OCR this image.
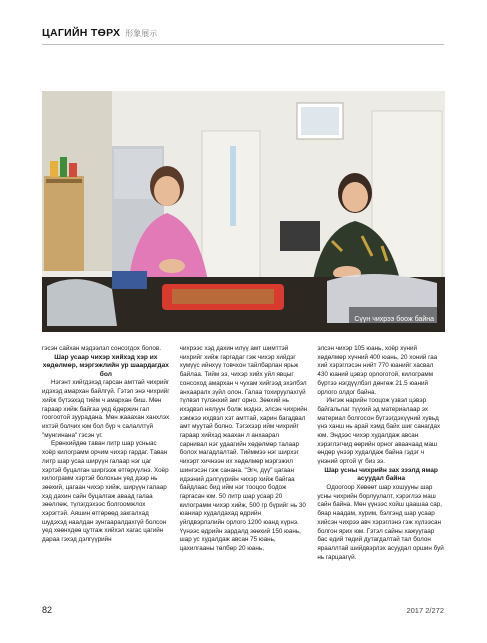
ЦАГИЙН ТӨРХ 形象展示
Сүүн чихрээ боож байна

гэсэн сайхан мэдээлэл сонсогдох болов.

Шар усаар чихэр хийхэд хэр их хөдөлмөр, мэргэжлийн ур шаардагдах бол

Нэгэнт хийгдэхэд гарсан амттай чихрийг идэхэд амархан байлгүй. Гэтэл энэ чихрийг хийж бүтээхэд тийм ч амархан биш. Мөн гараар хийж байгаа уед ёдөржин гал гоогоотой зуурадана. Мөн жааахан ханхлэх ихтэй болчих юм бол бүр ч салаллтүй "мунгинана" гэсэн үг.

Ерөнхийдөө таван литр шар усныас хоёр килограмм орчим чихэр гардаг. Таван литр шар усаа ширүүн галаар нэг цаг хэртэй буцалган ширгээж өтгөрүүлнэ. Хоёр килограмм хэртэй болохын уед дээр нь зөөхий, цагаан чихэр хийж, ширүүн галаар хэд дахин сайн буцалгаж аваад галаа зөөллөж, түлэгдэхээс болгоомжлох хэрэгтэй. Аяшин өтгөрөөд закгалхад шудэхэд наалдан зунгааралдахгүй болсон уед хөөнхдөө цутгаж хийхэл хагас цагийн дараа гэхэд дэлгүүрийн

чихрээс хэд дахин илүү амт шимттэй чихрийг хийж гаргадаг гэж чихэр хийдэг хумүүс ийнхүү товчхон тайлбарлан ярьж байлаа. Тийм ээ, чихэр хийх уйл явцыг сонсоход амархан ч чухам хийгээд эхэлбэл анхааралх зүйл олон. Галаа тохируулахгүй түлвэл түлэнхий амт орно. Зөөхий нь ихэдвэл нялуун болж мэднэ, элсэн чихрийн хэмжээ ихдвэл хэт амттай, харин багадвал амт муутай болно. Тэгэхээр ийм чихрийг гараар хийхэд жаахан л анхаарал сарнивал нэг удаагийн хөдөлмөр талаар болох магадлалтай. Тийммээ нэг ширхэг чихэрт хичнээн их хөдөлмөр мэргэжил шингэсэн гэж санана. "Эгч, дүү" цагаан идээний дэлгүүрийн чихэр хийж байгаа байдлаас бид ийм нэг тооцоо бодож гаргасан юм. 50 литр шар усаар 20 килограмм чихэр хийж, 500 гр бүрийг нь 30 юаниар худалдахад өдрийн уйлдвэрлэлийн орлого 1200 юанд хүрнэ. Үүнээс өдрийн зардалд зөөхий 150 юань, шар ус худалдаж авсан 75 юань, цахилгааны төлбөр 20 юань,

элсэн чихэр 105 юань, хоёр хүний хөдөлмөр хүчний 400 юань, 20 хоний гаа хий хэрэглэсэн нийт 770 юанийг хасвал 430 юаний цэвэр орлоготой, килограмм бүртээ нэгдүүлбэл дөнгөж 21.5 юаний орлого олдог байна.

Ингэж нарийн тооцож үзвэл цэвэр байгальлаг түүхий эд материалаар эх материал болгосон бүтээгдэхүүний хувьд үнэ ханш нь арай хэмд байх шиг санагдах юм. Эндээс чихэр худалдаж авсан хэрэглэгчид өөрийн орног аваачаад маш өндөр үнээр худалдаж байна гэдэг ч үнэний ортой үг биз ээ.

Шар усны чихрийн зах зээлд ямар асуудал байна

Одоогоор Хөвөөт шар хошууны шар усны чихрийн борлуулалт, хэрэглээ маш сайн байна. Мөн үүнээс хойш цаашаа сар, бяар наадам, хурим, бэлгэнд шар усаар хийсэн чихрээ авч хэрэглэнэ гэж хүлээсан болгон ярих юм. Гэтэл сайны хажуугаар бас едий төдий дутагдалтай тал болон ярааллтай шийдвэрлэх асуудал оршин буй нь гарцаагүй.

82	2017 2/272
